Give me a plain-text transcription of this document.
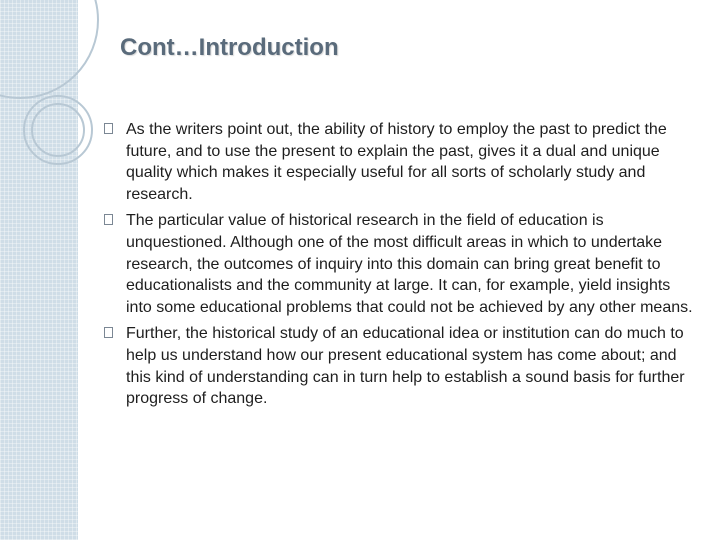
Cont…Introduction
As the writers point out, the ability of history to employ the past to predict the future, and to use the present to explain the past, gives it a dual and unique quality which makes it especially useful for all sorts of scholarly study and research.
The particular value of historical research in the field of education is unquestioned. Although one of the most difficult areas in which to undertake research, the outcomes of inquiry into this domain can bring great benefit to educationalists and the community at large. It can, for example, yield insights into some educational problems that could not be achieved by any other means.
Further, the historical study of an educational idea or institution can do much to help us understand how our present educational system has come about; and this kind of understanding can in turn help to establish a sound basis for further progress of change.
